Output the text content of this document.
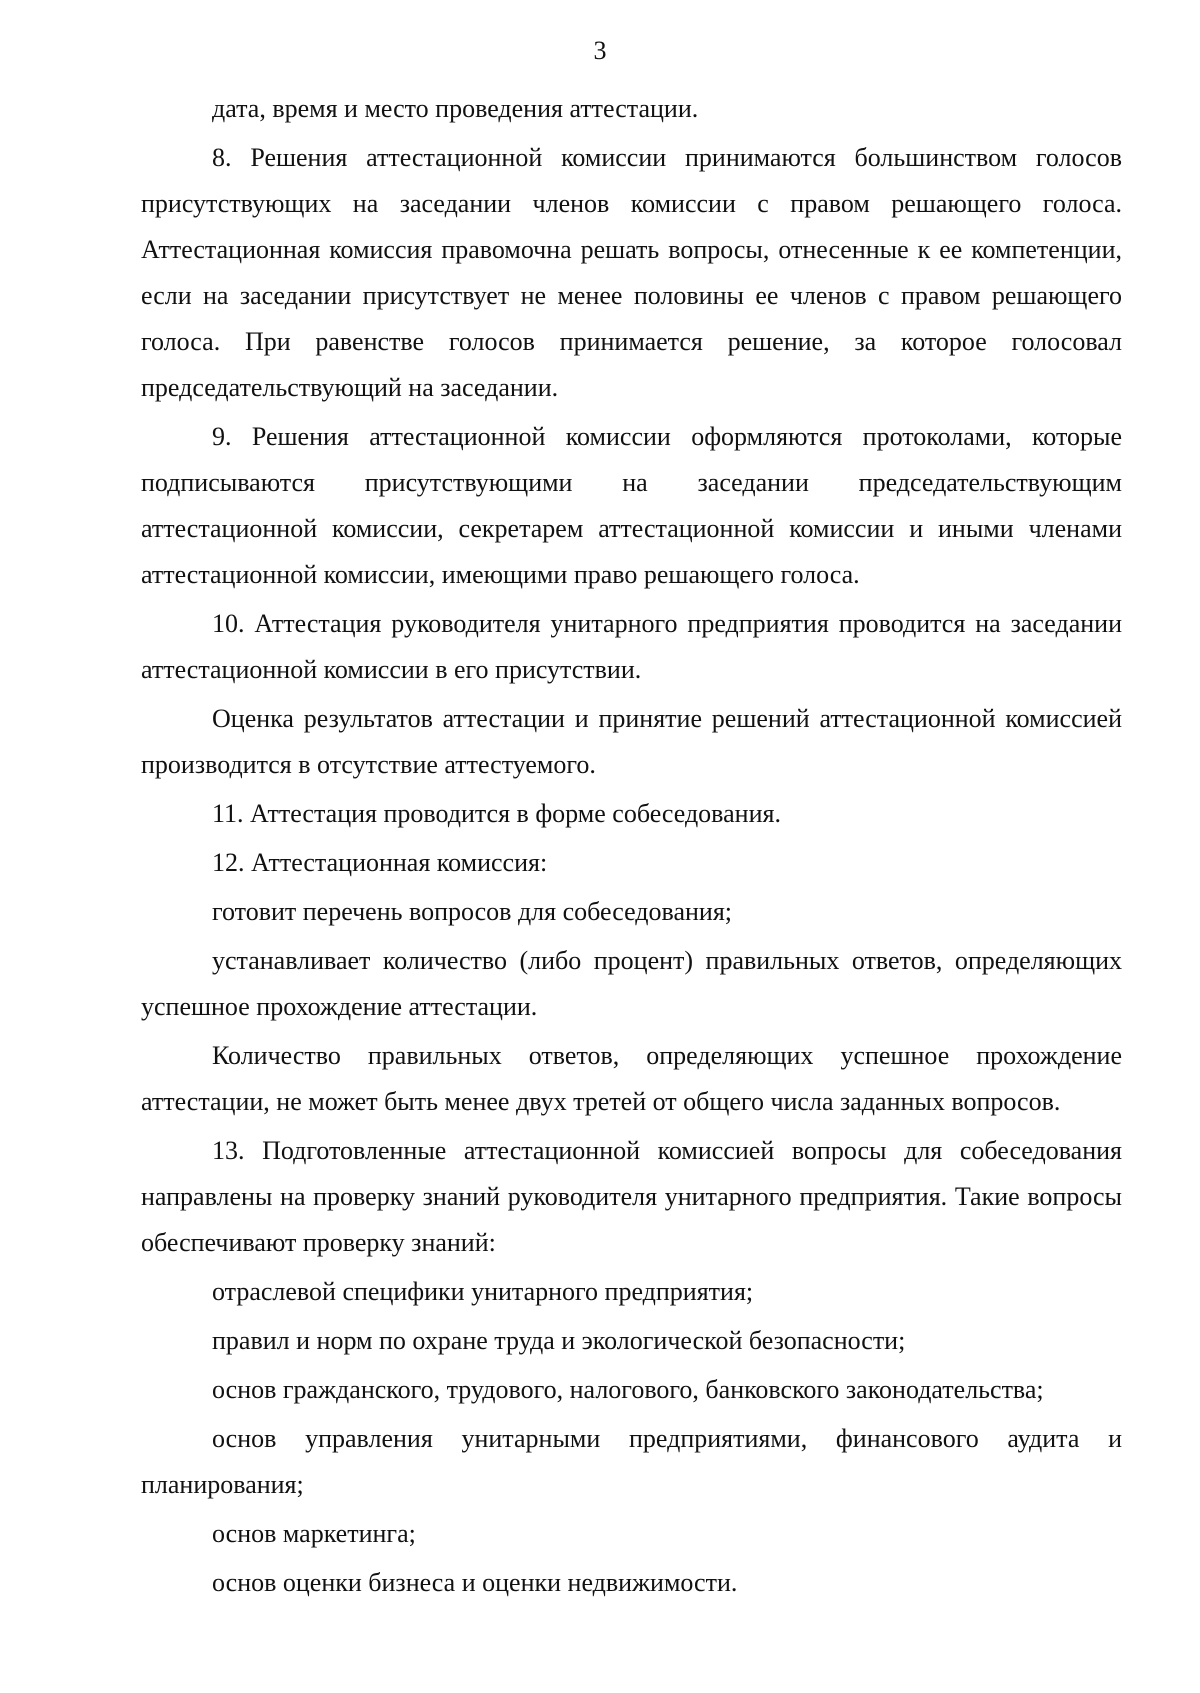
3

дата, время и место проведения аттестации.

8. Решения аттестационной комиссии принимаются большинством голосов присутствующих на заседании членов комиссии с правом решающего голоса. Аттестационная комиссия правомочна решать вопросы, отнесенные к ее компетенции, если на заседании присутствует не менее половины ее членов с правом решающего голоса. При равенстве голосов принимается решение, за которое голосовал председательствующий на заседании.

9. Решения аттестационной комиссии оформляются протоколами, которые подписываются присутствующими на заседании председательствующим аттестационной комиссии, секретарем аттестационной комиссии и иными членами аттестационной комиссии, имеющими право решающего голоса.

10. Аттестация руководителя унитарного предприятия проводится на заседании аттестационной комиссии в его присутствии.

Оценка результатов аттестации и принятие решений аттестационной комиссией производится в отсутствие аттестуемого.

11. Аттестация проводится в форме собеседования.

12. Аттестационная комиссия:

готовит перечень вопросов для собеседования;

устанавливает количество (либо процент) правильных ответов, определяющих успешное прохождение аттестации.

Количество правильных ответов, определяющих успешное прохождение аттестации, не может быть менее двух третей от общего числа заданных вопросов.

13. Подготовленные аттестационной комиссией вопросы для собеседования направлены на проверку знаний руководителя унитарного предприятия. Такие вопросы обеспечивают проверку знаний:

отраслевой специфики унитарного предприятия;

правил и норм по охране труда и экологической безопасности;

основ гражданского, трудового, налогового, банковского законодательства;

основ управления унитарными предприятиями, финансового аудита и планирования;

основ маркетинга;

основ оценки бизнеса и оценки недвижимости.
